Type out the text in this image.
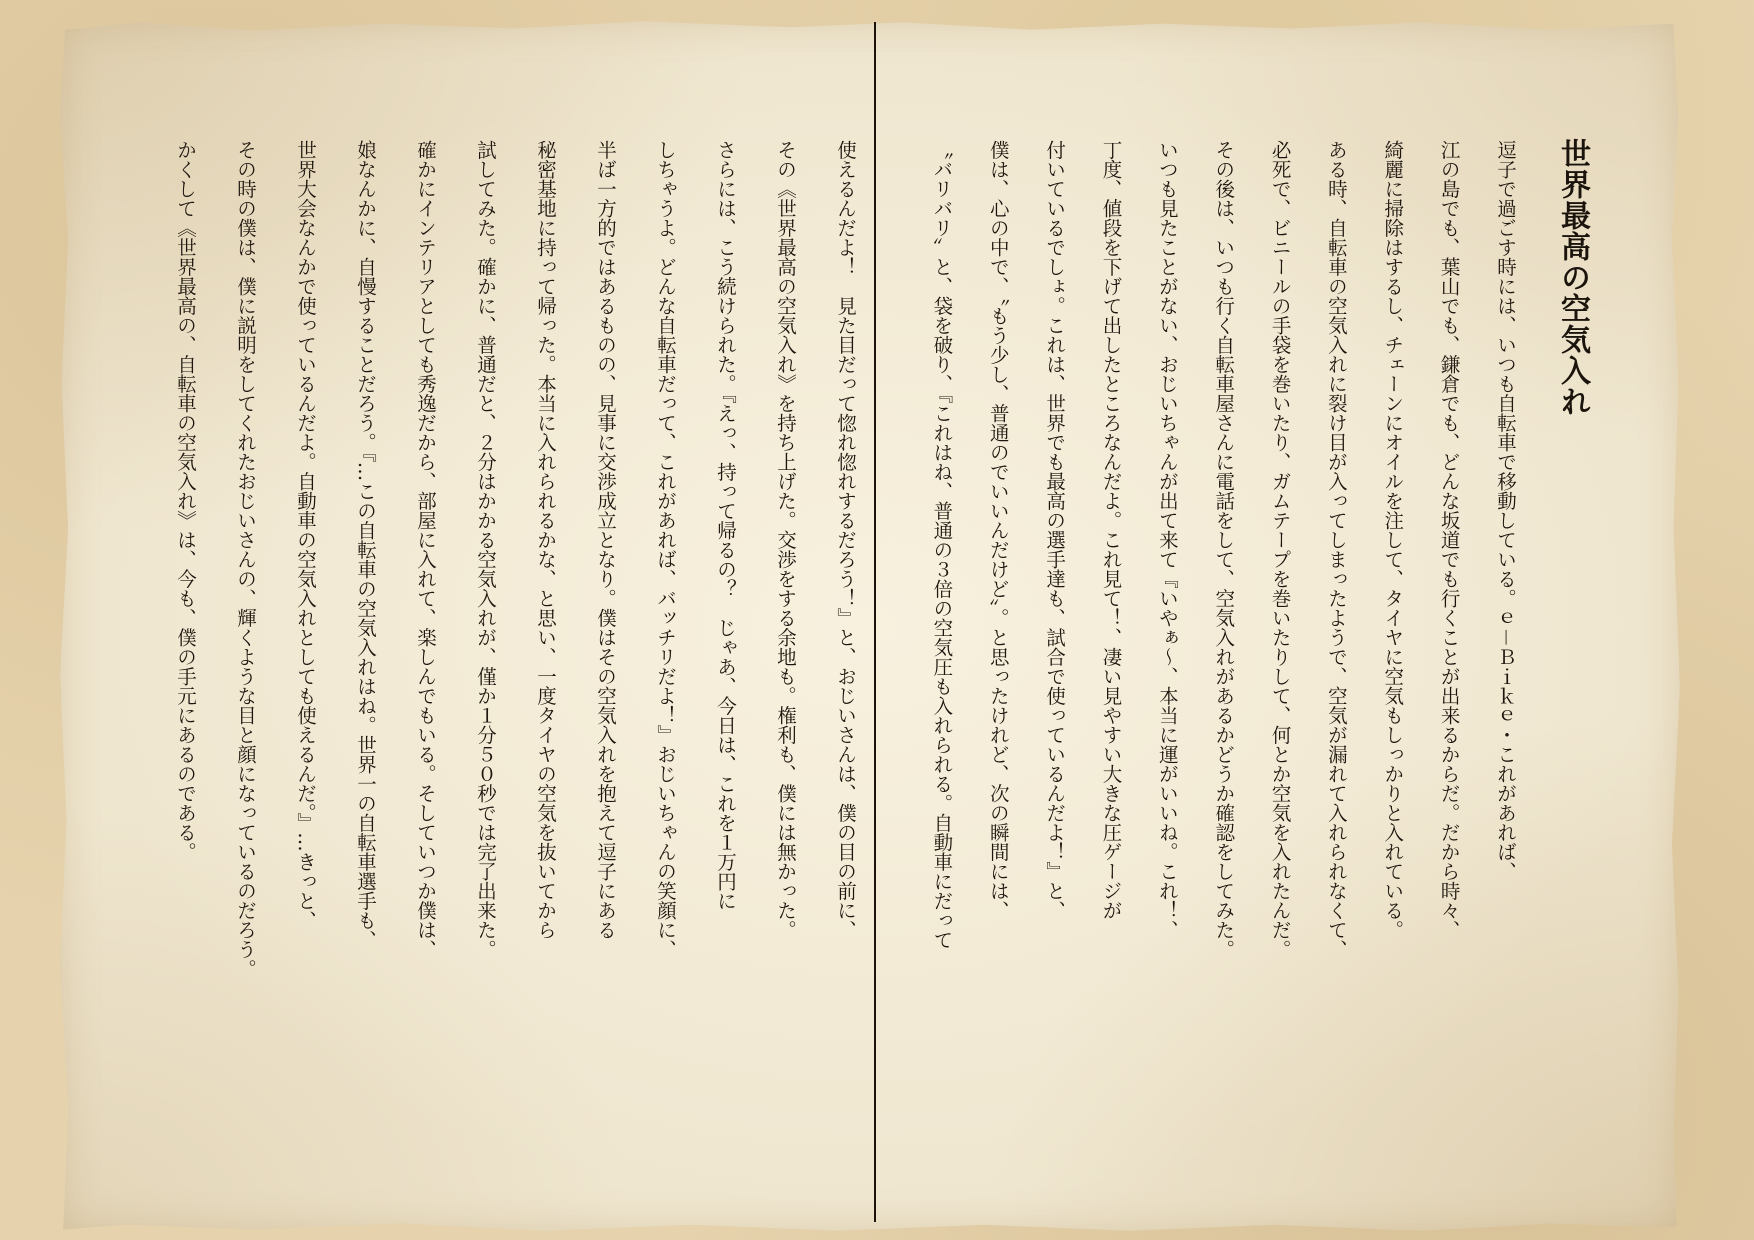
世界最高の空気入れ
逗子で過ごす時には、いつも自転車で移動している。ｅ－Ｂｉｋｅ・これがあれば、
江の島でも、葉山でも、鎌倉でも、どんな坂道でも行くことが出来るからだ。だから時々、
綺麗に掃除はするし、チェーンにオイルを注して、タイヤに空気もしっかりと入れている。
ある時、自転車の空気入れに裂け目が入ってしまったようで、空気が漏れて入れられなくて、
必死で、ビニールの手袋を巻いたり、ガムテープを巻いたりして、何とか空気を入れたんだ。
その後は、いつも行く自転車屋さんに電話をして、空気入れがあるかどうか確認をしてみた。
いつも見たことがない、おじいちゃんが出て来て『いやぁ〜、本当に運がいいね。これ！、
丁度、値段を下げて出したところなんだよ。これ見て！、凄い見やすい大きな圧ゲージが
付いているでしょ。これは、世界でも最高の選手達も、試合で使っているんだよ！』と、
僕は、心の中で、〝もう少し、普通のでいいんだけど〟。と思ったけれど、次の瞬間には、
〝バリバリ〟と、袋を破り、『これはね、普通の３倍の空気圧も入れられる。自動車にだって
使えるんだよ！　見た目だって惚れ惚れするだろう！』と、おじいさんは、僕の目の前に、
その《世界最高の空気入れ》を持ち上げた。交渉をする余地も。権利も、僕には無かった。
さらには、こう続けられた。『えっ、持って帰るの？　じゃあ、今日は、これを１万円に
しちゃうよ。どんな自転車だって、これがあれば、バッチリだよ！』おじいちゃんの笑顔に、
半ば一方的ではあるものの、見事に交渉成立となり。僕はその空気入れを抱えて逗子にある
秘密基地に持って帰った。本当に入れられるかな、と思い、一度タイヤの空気を抜いてから
試してみた。確かに、普通だと、２分はかかる空気入れが、僅か１分５０秒では完了出来た。
確かにインテリアとしても秀逸だから、部屋に入れて、楽しんでもいる。そしていつか僕は、
娘なんかに、自慢することだろう。『…この自転車の空気入れはね。世界一の自転車選手も、
世界大会なんかで使っているんだよ。自動車の空気入れとしても使えるんだ。』…きっと、
その時の僕は、僕に説明をしてくれたおじいさんの、輝くような目と顔になっているのだろう。
かくして《世界最高の、自転車の空気入れ》は、今も、僕の手元にあるのである。
